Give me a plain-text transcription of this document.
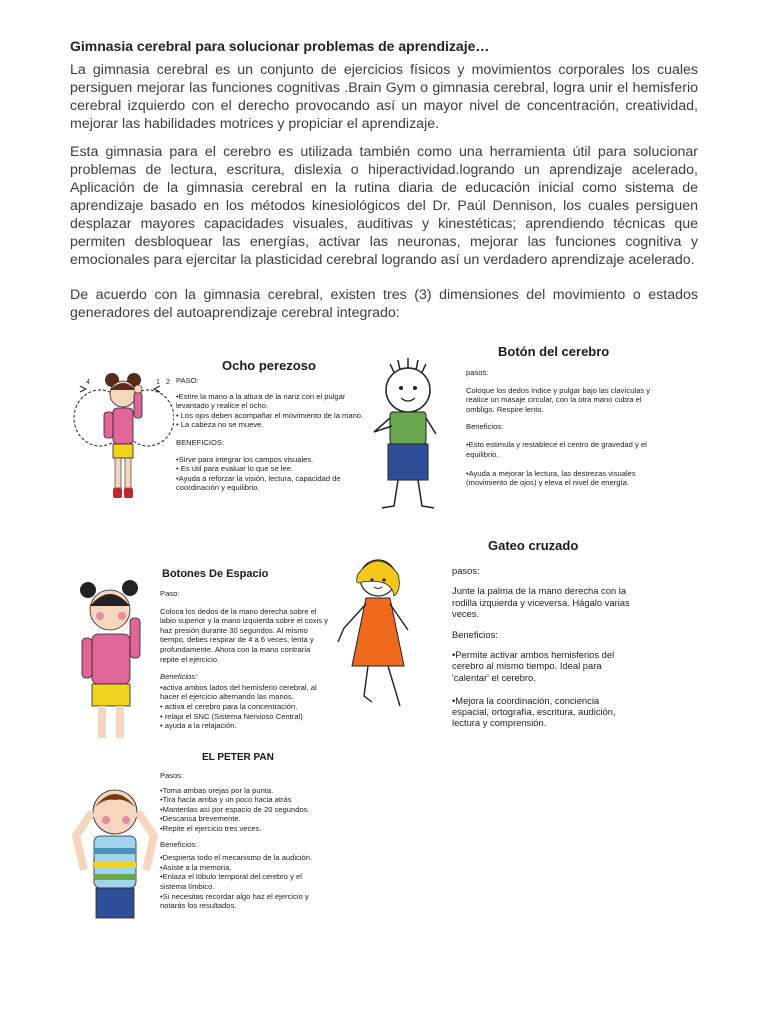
Gimnasia cerebral para solucionar problemas de aprendizaje…
La gimnasia cerebral es un conjunto de ejercicios físicos y movimientos corporales los cuales persiguen mejorar las funciones cognitivas .Brain Gym o gimnasia cerebral, logra unir el hemisferio cerebral izquierdo con el derecho provocando así un mayor nivel de concentración, creatividad, mejorar las habilidades motrices y propiciar el aprendizaje.
Esta gimnasia para el cerebro es utilizada también como una herramienta útil para solucionar problemas de lectura, escritura, dislexia o hiperactividad.logrando un aprendizaje acelerado, Aplicación de la gimnasia cerebral en la rutina diaria de educación inicial como sistema de aprendizaje basado en los métodos kinesiológicos del Dr. Paúl Dennison, los cuales persiguen desplazar mayores capacidades visuales, auditivas y kinestéticas; aprendiendo técnicas que permiten desbloquear las energías, activar las neuronas, mejorar las funciones cognitiva y emocionales para ejercitar la plasticidad cerebral logrando así un verdadero aprendizaje acelerado.
De acuerdo con la gimnasia cerebral, existen tres (3) dimensiones del movimiento o estados generadores del autoaprendizaje cerebral integrado:
4	1 2
Ocho perezoso
PASO:
•Estire la mano a la altura de la nariz con el pulgar levantado y realice el ocho.
• Los ojos deben acompañar el movimiento de la mano.
• La cabeza no se mueve.
BENEFICIOS:
•Sirve para integrar los campos visuales.
• Es útil para evaluar lo que se lee.
•Ayuda a reforzar la visión, lectura, capacidad de coordinación y equilibrio.
Botón del cerebro
pasos:
Coloque los dedos índice y pulgar bajo las clavículas y realice un masaje circular, con la otra mano cubra el ombligo. Respire lento.
Beneficios:
•Esto estimula y restablece el centro de gravedad y el equilibrio.

•Ayuda a mejorar la lectura, las destrezas visuales (movimiento de ojos) y eleva el nivel de energía.
Botones De Espacio
Paso:
Coloca los dedos de la mano derecha sobre el labio superior y la mano izquierda sobre el coxis y haz presión durante 30 segundos. Al mismo tiempo, debes respirar de 4 a 6 veces, lenta y profundamente. Ahora con la mano contraria repite el ejercicio.
Beneficios:
•activa ambos lados del hemisferio cerebral, al hacer el ejercicio alternando las manos.
• activa el cerebro para la concentración.
• relaja el SNC (Sistema Nervioso Central)
• ayuda a la relajación.
Gateo cruzado
pasos:
Junte la palma de la mano derecha con la rodilla izquierda y viceversa. Hágalo varias veces.
Beneficios:
•Permite activar ambos hemisferios del cerebro al mismo tiempo. Ideal para 'calentar' el cerebro.

•Mejora la coordinación, conciencia espacial, ortografía, escritura, audición, lectura y comprensión.
EL PETER PAN
Pasos:
•Toma ambas orejas por la punta.
•Tira hacia arriba y un poco hacia atrás
•Mantenlas así por espacio de 20 segundos.
•Descansa brevemente.
•Repite el ejercicio tres veces.
Beneficios:
•Despierta todo el mecanismo de la audición.
•Asiste a la memoria.
•Enlaza el lóbulo temporal del cerebro y el sistema límbico.
•Si necesitas recordar algo haz el ejercicio y notarás los resultados.
